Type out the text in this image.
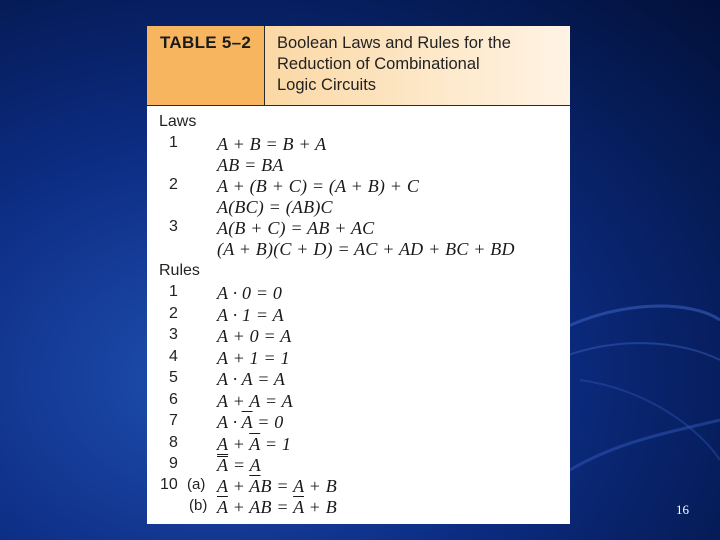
TABLE 5–2	Boolean Laws and Rules for the
Reduction of Combinational
Logic Circuits
Laws
1 A + B = B + A
AB = BA
2 A + (B + C) = (A + B) + C
A(BC) = (AB)C
3 A(B + C) = AB + AC
(A + B)(C + D) = AC + AD + BC + BD
Rules
1 A · 0 = 0
2 A · 1 = A
3 A + 0 = A
4 A + 1 = 1
5 A · A = A
6 A + A = A
7 $A \cdot \overline{A} = 0$
8 $A + \overline{A} = 1$
9 $\overline{A} = A$
10 (a) $A + \overline{A}B = A + B$
(b) $\overline{A}$ + AB = $\overline{A} + B$	16
